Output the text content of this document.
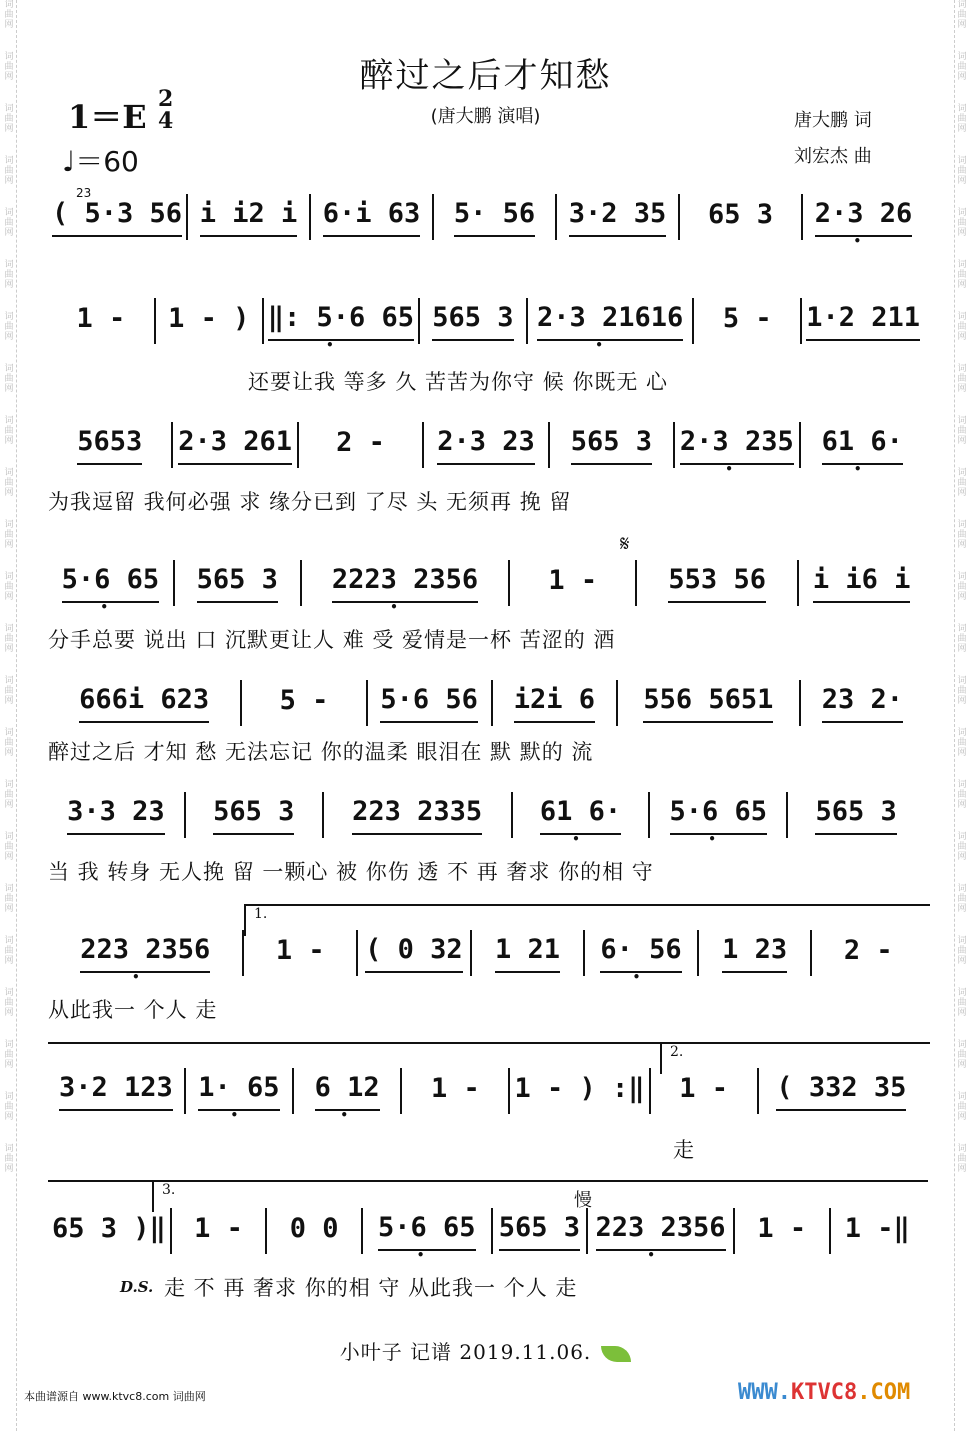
词曲网
词曲网
词曲网
词曲网
词曲网
词曲网
词曲网
词曲网
词曲网
词曲网
词曲网
词曲网
词曲网
词曲网
词曲网
词曲网
词曲网
词曲网
词曲网
词曲网
词曲网
词曲网
词曲网
词曲网
词曲网
词曲网
词曲网
词曲网
词曲网
词曲网
词曲网
词曲网
词曲网
词曲网
词曲网
词曲网
词曲网
词曲网
词曲网
词曲网
词曲网
词曲网
词曲网
词曲网
词曲网
词曲网
醉过之后才知愁
(唐大鹏 演唱)
1＝E 2
4
♩＝60
唐大鹏 词
刘宏杰 曲
23
( 5·3 56 i i2 i 6·i 63 5· 56 3·2 35 65 3 2·3 26 •
1 - 1 - ) ‖: 5·6 65 • 565 3 2·3 21616 • 5 - 1·2 211
还要让我 等多 久 苦苦为你守 候 你既无 心
5653 2·3 261 2 - 2·3 23 565 3 2·3 235 • 61 6· •
为我逗留 我何必强 求 缘分已到 了尽 头 无须再 挽 留
𝄋
5·6 65 • 565 3 2223 2356 •	1 -	553 56 i i6 i
分手总要 说出 口 沉默更让人 难 受 爱情是一杯 苦涩的 酒
666i 623	5 - 5·6 56 i2i 6 556 5651 23 2·
醉过之后 才知 愁 无法忘记 你的温柔 眼泪在 默 默的 流
3·3 23 565 3 223 2335 61 6· • 5·6 65 • 565 3
当 我 转身 无人挽 留 一颗心 被 你伤 透 不 再 奢求 你的相 守
1.
223 2356 • 1 - ( 0 32 1 21 6· 56 • 1 23 2 -
从此我一 个人 走
2.
3·2 123 1· 65 • 6 12 • 1 - 1 - ) :‖ 1 - ( 332 35
走
3.	慢
65 3 )‖ 1 - 0 0 5·6 65 • 565 3 223 2356 • 1 - 1 -‖
D.S. 走 不 再 奢求 你的相 守 从此我一 个人 走
小叶子 记谱 2019.11.06.
本曲谱源自 www.ktvc8.com 词曲网	WWW.KTVC8.COM
